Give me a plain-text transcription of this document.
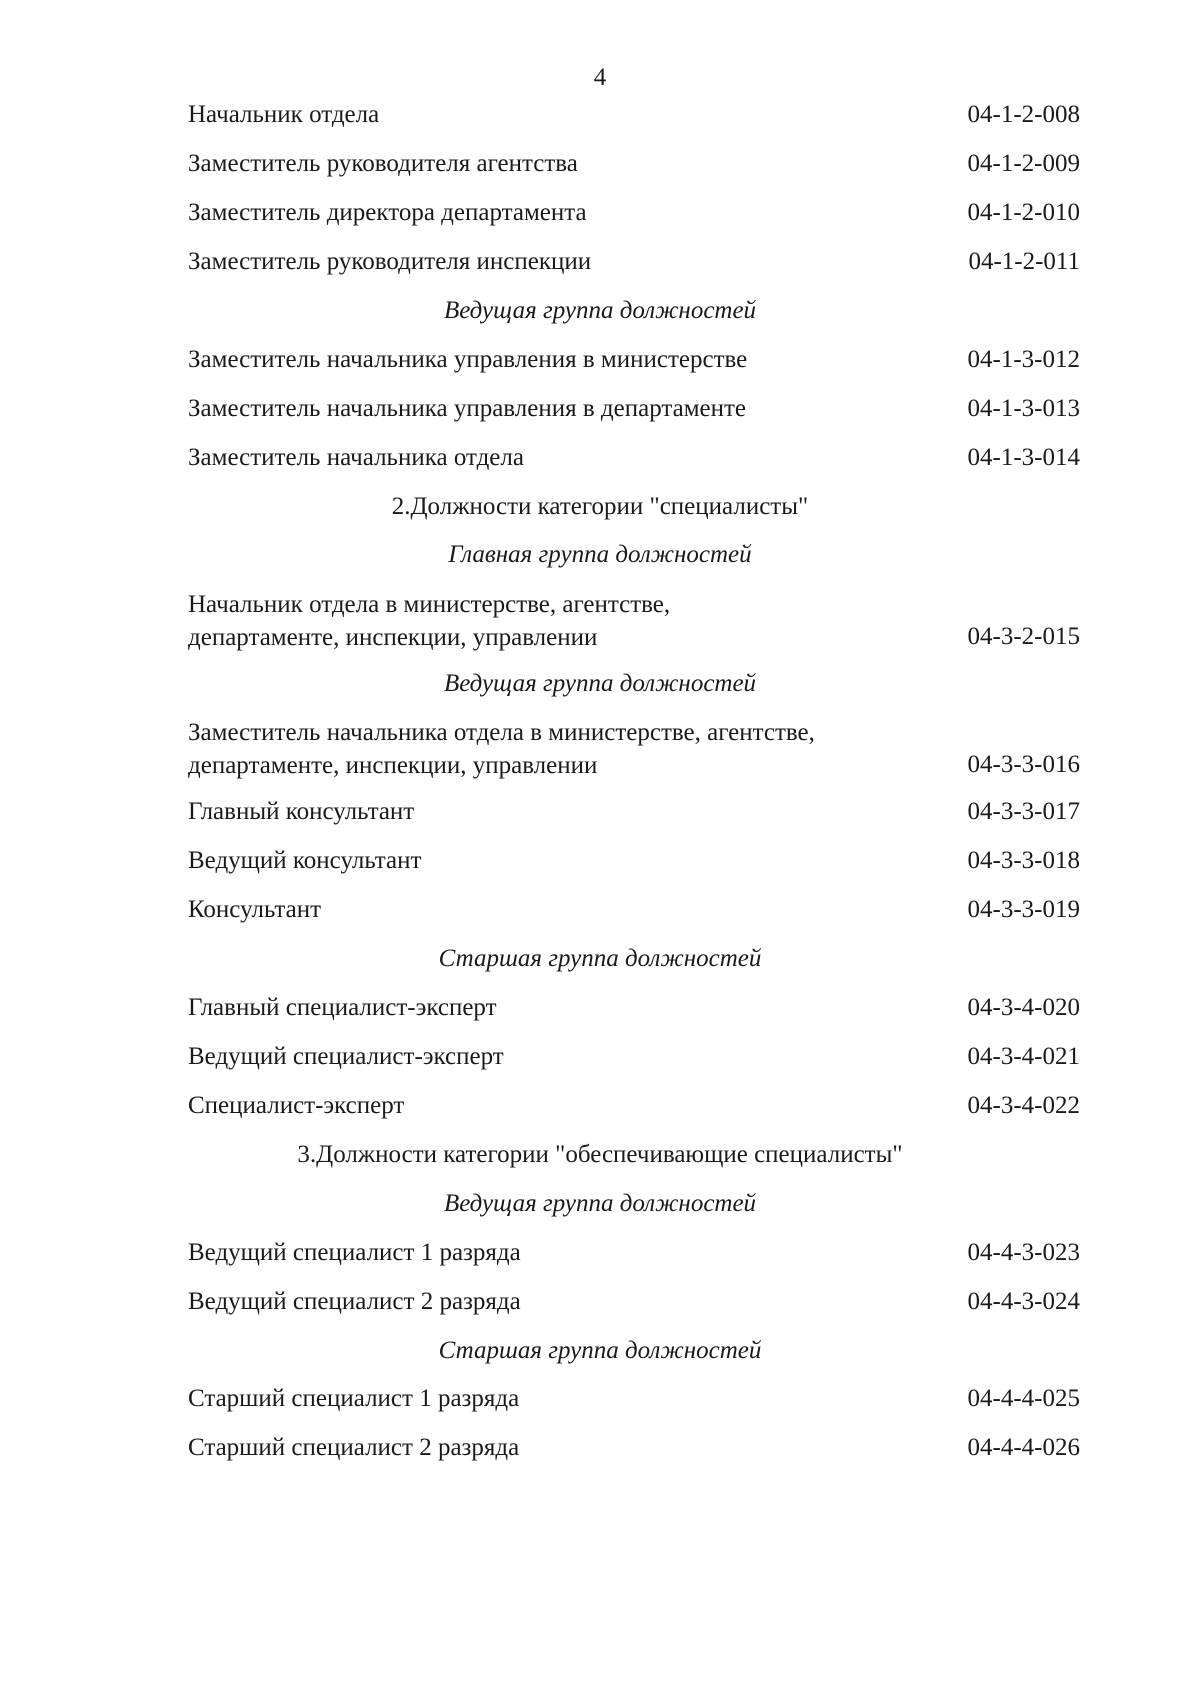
4
Начальник отдела	04-1-2-008
Заместитель руководителя агентства	04-1-2-009
Заместитель директора департамента	04-1-2-010
Заместитель руководителя инспекции	04-1-2-011
Ведущая группа должностей
Заместитель начальника управления в министерстве	04-1-3-012
Заместитель начальника управления в департаменте	04-1-3-013
Заместитель начальника отдела	04-1-3-014
2.Должности категории "специалисты"
Главная группа должностей
Начальник отдела в министерстве, агентстве,
департаменте, инспекции, управлении	04-3-2-015
Ведущая группа должностей
Заместитель начальника отдела в министерстве, агентстве,
департаменте, инспекции, управлении	04-3-3-016
Главный консультант	04-3-3-017
Ведущий консультант	04-3-3-018
Консультант	04-3-3-019
Старшая группа должностей
Главный специалист-эксперт	04-3-4-020
Ведущий специалист-эксперт	04-3-4-021
Специалист-эксперт	04-3-4-022
3.Должности категории "обеспечивающие специалисты"
Ведущая группа должностей
Ведущий специалист 1 разряда	04-4-3-023
Ведущий специалист 2 разряда	04-4-3-024
Старшая группа должностей
Старший специалист 1 разряда	04-4-4-025
Старший специалист 2 разряда	04-4-4-026
